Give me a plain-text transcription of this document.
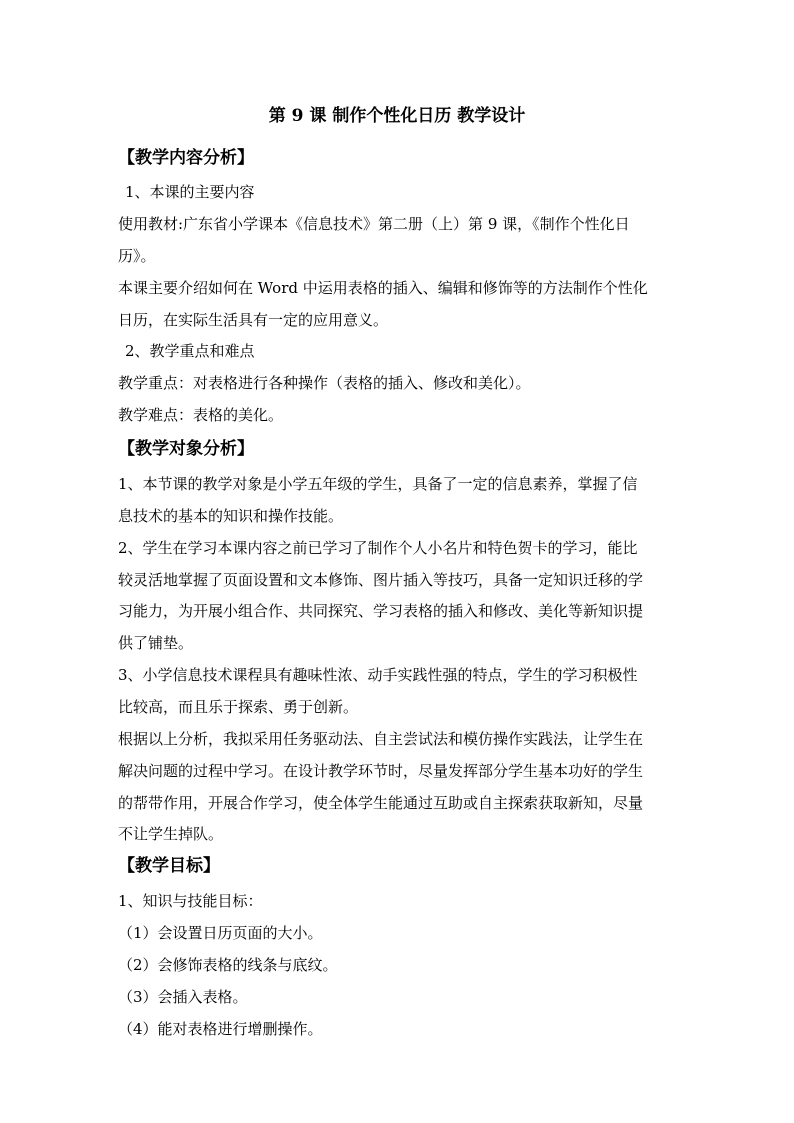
第 9 课 制作个性化日历 教学设计
【教学内容分析】
1、本课的主要内容
使用教材:广东省小学课本《信息技术》第二册（上）第 9 课，《制作个性化日
历》。
本课主要介绍如何在 Word 中运用表格的插入、编辑和修饰等的方法制作个性化
日历，在实际生活具有一定的应用意义。
2、教学重点和难点
教学重点：对表格进行各种操作（表格的插入、修改和美化）。
教学难点：表格的美化。
【教学对象分析】
1、本节课的教学对象是小学五年级的学生，具备了一定的信息素养，掌握了信
息技术的基本的知识和操作技能。
2、学生在学习本课内容之前已学习了制作个人小名片和特色贺卡的学习，能比
较灵活地掌握了页面设置和文本修饰、图片插入等技巧，具备一定知识迁移的学
习能力，为开展小组合作、共同探究、学习表格的插入和修改、美化等新知识提
供了铺垫。
3、小学信息技术课程具有趣味性浓、动手实践性强的特点，学生的学习积极性
比较高，而且乐于探索、勇于创新。
根据以上分析，我拟采用任务驱动法、自主尝试法和模仿操作实践法，让学生在
解决问题的过程中学习。在设计教学环节时，尽量发挥部分学生基本功好的学生
的帮带作用，开展合作学习，使全体学生能通过互助或自主探索获取新知，尽量
不让学生掉队。
【教学目标】
1、知识与技能目标：
（1）会设置日历页面的大小。
（2）会修饰表格的线条与底纹。
（3）会插入表格。
（4）能对表格进行增删操作。
